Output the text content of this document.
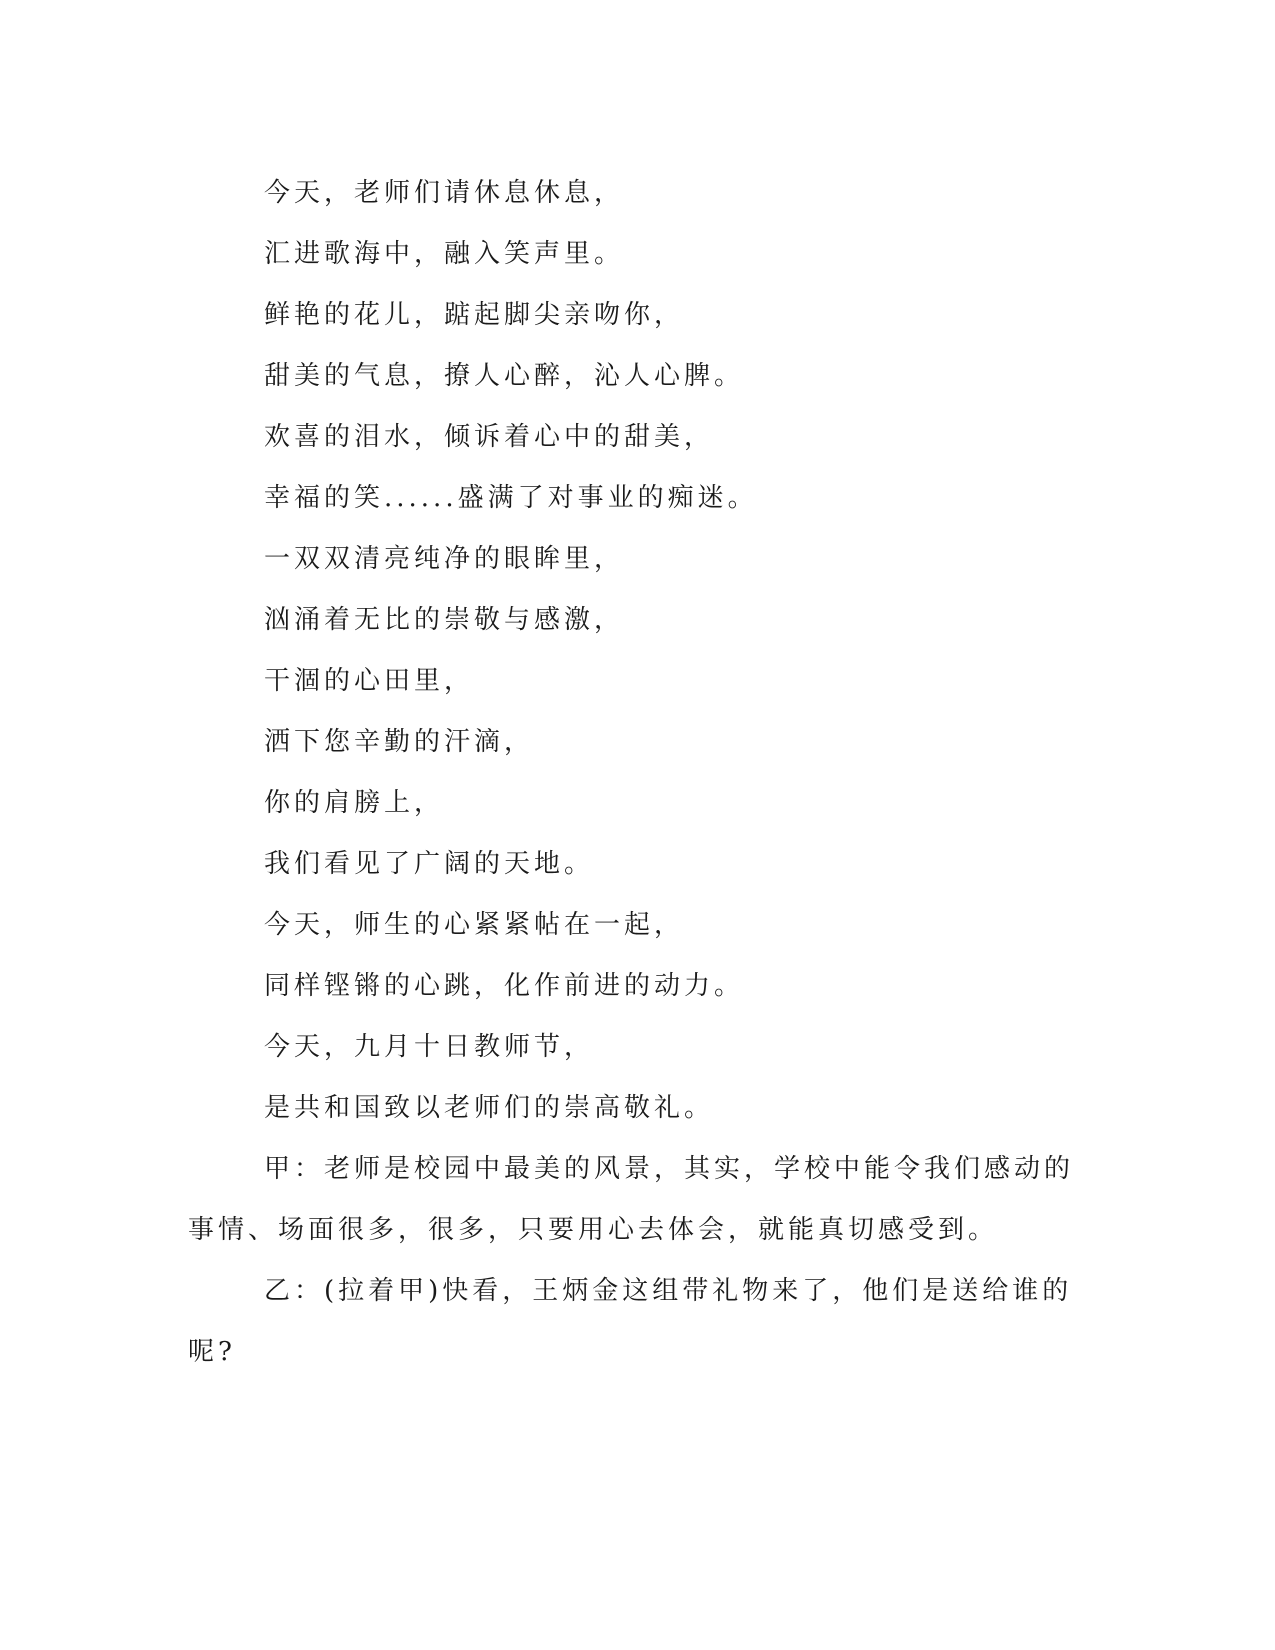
今天，老师们请休息休息，
汇进歌海中，融入笑声里。
鲜艳的花儿，踮起脚尖亲吻你，
甜美的气息，撩人心醉，沁人心脾。
欢喜的泪水，倾诉着心中的甜美，
幸福的笑......盛满了对事业的痴迷。
一双双清亮纯净的眼眸里，
汹涌着无比的崇敬与感激，
干涸的心田里，
洒下您辛勤的汗滴，
你的肩膀上，
我们看见了广阔的天地。
今天，师生的心紧紧帖在一起，
同样铿锵的心跳，化作前进的动力。
今天，九月十日教师节，
是共和国致以老师们的崇高敬礼。

甲：老师是校园中最美的风景，其实，学校中能令我们感动的事情、场面很多，很多，只要用心去体会，就能真切感受到。

乙：(拉着甲)快看，王炳金这组带礼物来了，他们是送给谁的呢?
